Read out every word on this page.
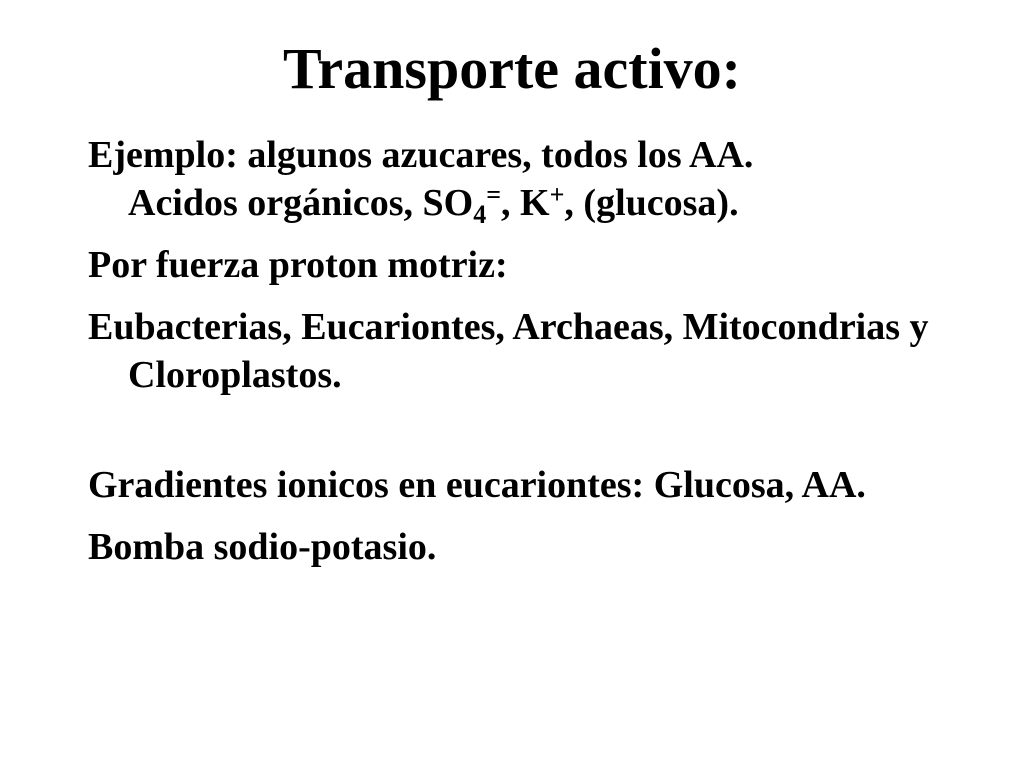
Transporte activo:

Ejemplo: algunos azucares, todos los AA.
Acidos orgánicos, $SO_4^=$, K+, (glucosa).

Por fuerza proton motriz:

Eubacterias, Eucariontes, Archaeas, Mitocondrias y Cloroplastos.

Gradientes ionicos en eucariontes: Glucosa, AA.

Bomba sodio-potasio.
